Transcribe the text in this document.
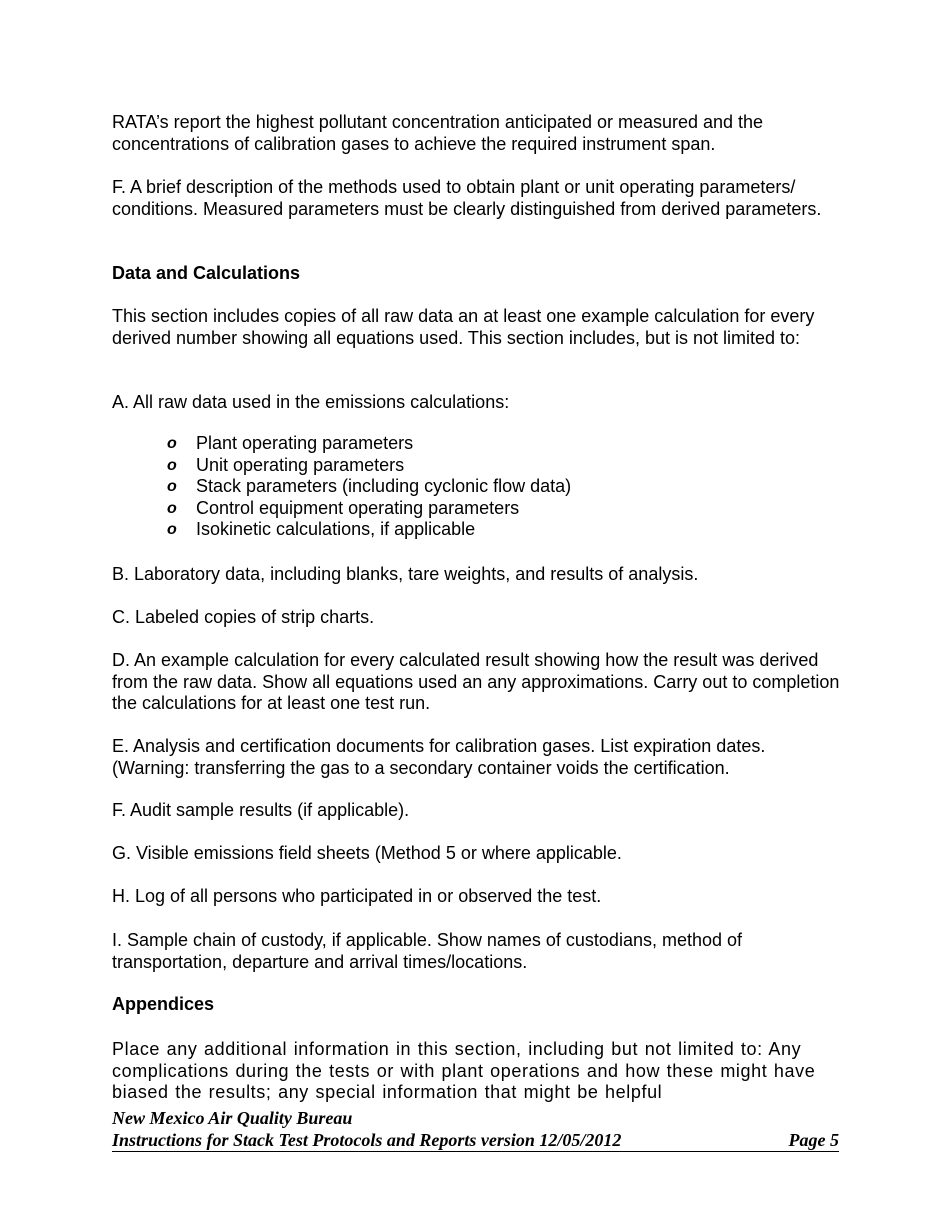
RATA’s report the highest pollutant concentration anticipated or measured and the concentrations of calibration gases to achieve the required instrument span.

F. A brief description of the methods used to obtain plant or unit operating parameters/ conditions. Measured parameters must be clearly distinguished from derived parameters.

Data and Calculations

This section includes copies of all raw data an at least one example calculation for every derived number showing all equations used. This section includes, but is not limited to:

A. All raw data used in the emissions calculations:

o	Plant operating parameters
o	Unit operating parameters
o	Stack parameters (including cyclonic flow data)
o	Control equipment operating parameters
o	Isokinetic calculations, if applicable

B. Laboratory data, including blanks, tare weights, and results of analysis.

C. Labeled copies of strip charts.

D. An example calculation for every calculated result showing how the result was derived from the raw data. Show all equations used an any approximations. Carry out to completion the calculations for at least one test run.

E. Analysis and certification documents for calibration gases. List expiration dates. (Warning: transferring the gas to a secondary container voids the certification.

F. Audit sample results (if applicable).

G. Visible emissions field sheets (Method 5 or where applicable.

H. Log of all persons who participated in or observed the test.

I. Sample chain of custody, if applicable. Show names of custodians, method of transportation, departure and arrival times/locations.

Appendices

Place any additional information in this section, including but not limited to: Any complications during the tests or with plant operations and how these might have biased the results; any special information that might be helpful

New Mexico Air Quality Bureau
Instructions for Stack Test Protocols and Reports version 12/05/2012	Page 5
